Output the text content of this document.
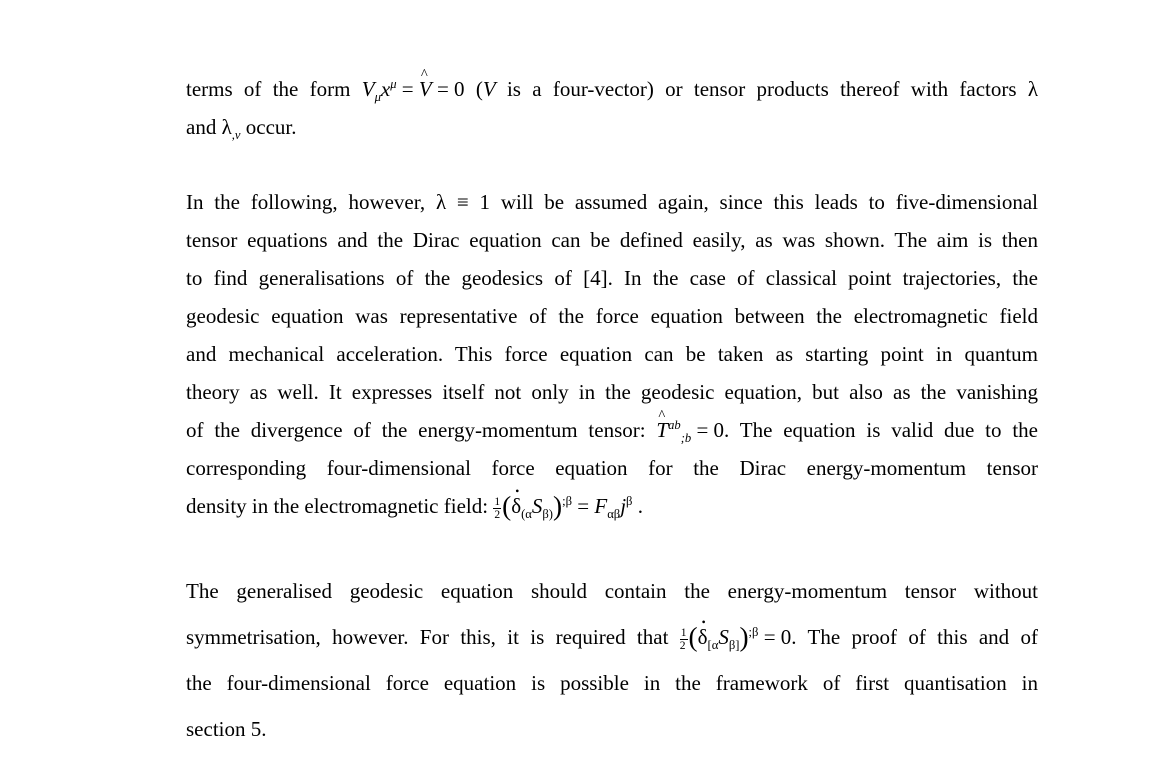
terms of the form $V_\mu x^\mu$ = ^ V = 0 (V is a four-vector) or tensor products thereof with factors λ
and $\lambda_{,\nu}$ occur.
In the following, however, λ ≡ 1 will be assumed again, since this leads to five-dimensional
tensor equations and the Dirac equation can be defined easily, as was shown. The aim is then
to find generalisations of the geodesics of [4]. In the case of classical point trajectories, the
geodesic equation was representative of the force equation between the electromagnetic field
and mechanical acceleration. This force equation can be taken as starting point in quantum
theory as well. It expresses itself not only in the geodesic equation, but also as the vanishing
of the divergence of the energy-momentum tensor: ^ $T^{ab}_{;b} = 0$. The equation is valid due to the
corresponding four-dimensional force equation for the Dirac energy-momentum tensor
density in the electromagnetic field: $\frac{1}{2}$ (• $\delta_{(\alpha}S_{\beta)})^{;\beta} = F_{\alpha\beta}j^\beta$ .
The generalised geodesic equation should contain the energy-momentum tensor without
symmetrisation, however. For this, it is required that $\frac{1}{2}$ (• $\delta_{[\alpha}S_{\beta]})^{;\beta} = 0$. The proof of this and of
the four-dimensional force equation is possible in the framework of first quantisation in
section 5.
